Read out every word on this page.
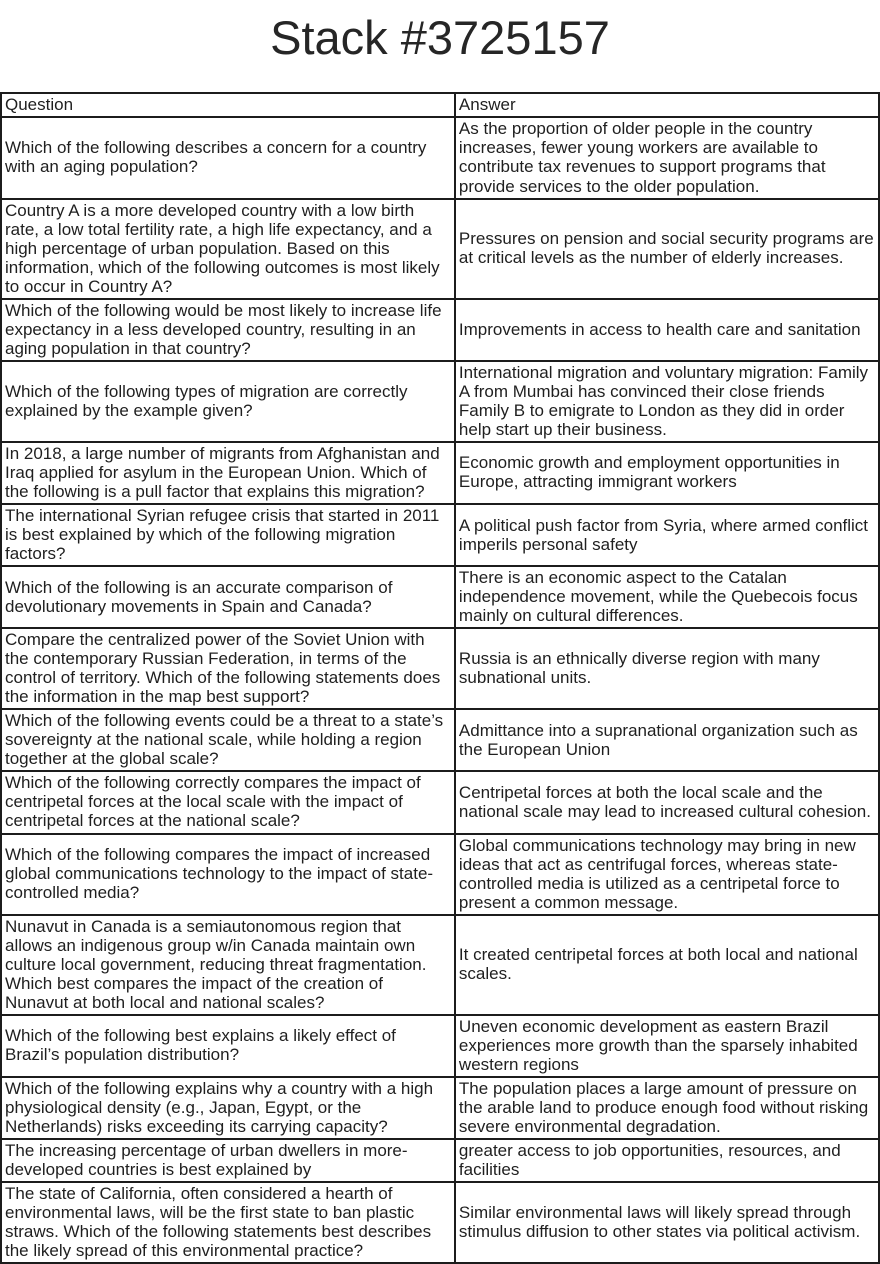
Stack #3725157
Question	Answer
Which of the following describes a concern for a country with an aging population?	As the proportion of older people in the country increases, fewer young workers are available to contribute tax revenues to support programs that provide services to the older population.
Country A is a more developed country with a low birth rate, a low total fertility rate, a high life expectancy, and a high percentage of urban population. Based on this information, which of the following outcomes is most likely to occur in Country A?	Pressures on pension and social security programs are at critical levels as the number of elderly increases.
Which of the following would be most likely to increase life expectancy in a less developed country, resulting in an aging population in that country?	Improvements in access to health care and sanitation
Which of the following types of migration are correctly explained by the example given?	International migration and voluntary migration: Family A from Mumbai has convinced their close friends Family B to emigrate to London as they did in order help start up their business.
In 2018, a large number of migrants from Afghanistan and Iraq applied for asylum in the European Union. Which of the following is a pull factor that explains this migration?	Economic growth and employment opportunities in Europe, attracting immigrant workers
The international Syrian refugee crisis that started in 2011 is best explained by which of the following migration factors?	A political push factor from Syria, where armed conflict imperils personal safety
Which of the following is an accurate comparison of devolutionary movements in Spain and Canada?	There is an economic aspect to the Catalan independence movement, while the Quebecois focus mainly on cultural differences.
Compare the centralized power of the Soviet Union with the contemporary Russian Federation, in terms of the control of territory. Which of the following statements does the information in the map best support?	Russia is an ethnically diverse region with many subnational units.
Which of the following events could be a threat to a state’s sovereignty at the national scale, while holding a region together at the global scale?	Admittance into a supranational organization such as the European Union
Which of the following correctly compares the impact of centripetal forces at the local scale with the impact of centripetal forces at the national scale?	Centripetal forces at both the local scale and the national scale may lead to increased cultural cohesion.
Which of the following compares the impact of increased global communications technology to the impact of state-controlled media?	Global communications technology may bring in new ideas that act as centrifugal forces, whereas state-controlled media is utilized as a centripetal force to present a common message.
Nunavut in Canada is a semiautonomous region that allows an indigenous group w/in Canada maintain own culture local government, reducing threat fragmentation. Which best compares the impact of the creation of Nunavut at both local and national scales?	It created centripetal forces at both local and national scales.
Which of the following best explains a likely effect of Brazil’s population distribution?	Uneven economic development as eastern Brazil experiences more growth than the sparsely inhabited western regions
Which of the following explains why a country with a high physiological density (e.g., Japan, Egypt, or the Netherlands) risks exceeding its carrying capacity?	The population places a large amount of pressure on the arable land to produce enough food without risking severe environmental degradation.
The increasing percentage of urban dwellers in more-developed countries is best explained by	greater access to job opportunities, resources, and facilities
The state of California, often considered a hearth of environmental laws, will be the first state to ban plastic straws. Which of the following statements best describes the likely spread of this environmental practice?	Similar environmental laws will likely spread through stimulus diffusion to other states via political activism.
